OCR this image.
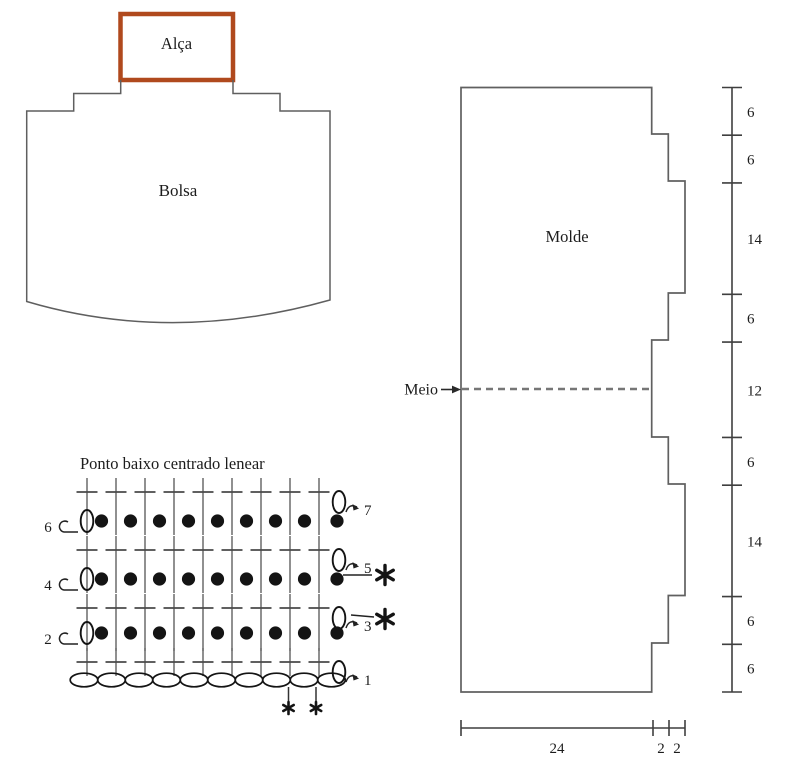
Alça
Bolsa
Molde
Meio
6
6
14
6
12
6
14
6
6
24	2 2
Ponto baixo centrado lenear
7
5
3
1
6
4
2
